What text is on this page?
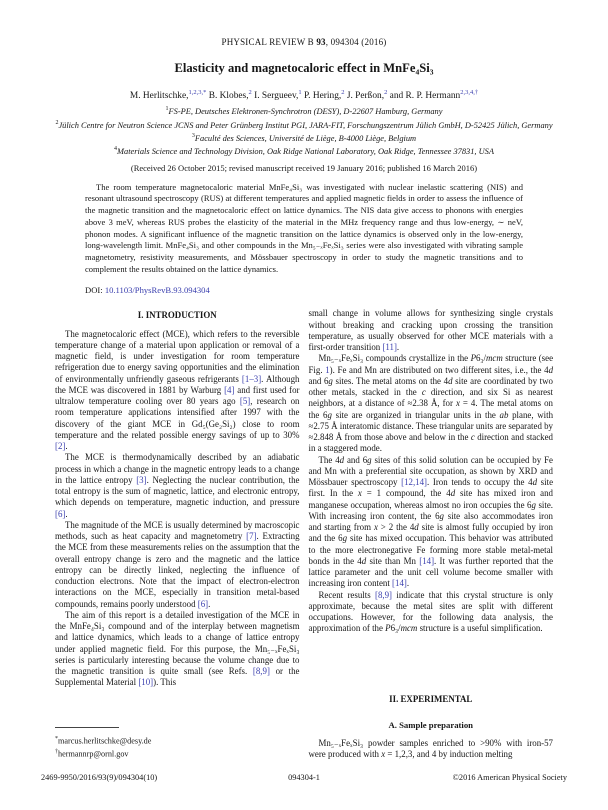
PHYSICAL REVIEW B 93, 094304 (2016)
Elasticity and magnetocaloric effect in MnFe₄Si₃
M. Herlitschke,$^{1,2,3,*}$ B. Klobes,$^2$ I. Sergueev,$^1$ P. Hering,$^2$ J. Perßon,$^2$ and R. P. Hermann$^{2,3,4,\dagger}$
$^1$FS-PE, Deutsches Elektronen-Synchrotron (DESY), D-22607 Hamburg, Germany
$^2$Jülich Centre for Neutron Science JCNS and Peter Grünberg Institut PGI, JARA-FIT, Forschungszentrum Jülich GmbH, D-52425 Jülich, Germany
$^3$Faculté des Sciences, Université de Liège, B-4000 Liège, Belgium
$^4$Materials Science and Technology Division, Oak Ridge National Laboratory, Oak Ridge, Tennessee 37831, USA
(Received 26 October 2015; revised manuscript received 19 January 2016; published 16 March 2016)
The room temperature magnetocaloric material MnFe₄Si₃ was investigated with nuclear inelastic scattering (NIS) and resonant ultrasound spectroscopy (RUS) at different temperatures and applied magnetic fields in order to assess the influence of the magnetic transition and the magnetocaloric effect on lattice dynamics. The NIS data give access to phonons with energies above 3 meV, whereas RUS probes the elasticity of the material in the MHz frequency range and thus low-energy, ∼ neV, phonon modes. A significant influence of the magnetic transition on the lattice dynamics is observed only in the low-energy, long-wavelength limit. MnFe₄Si₃ and other compounds in the Mn₅₋ₓFeₓSi₃ series were also investigated with vibrating sample magnetometry, resistivity measurements, and Mössbauer spectroscopy in order to study the magnetic transitions and to complement the results obtained on the lattice dynamics.
DOI: 10.1103/PhysRevB.93.094304
I. INTRODUCTION

The magnetocaloric effect (MCE), which refers to the reversible temperature change of a material upon application or removal of a magnetic field, is under investigation for room temperature refrigeration due to energy saving opportunities and the elimination of environmentally unfriendly gaseous refrigerants [1–3]. Although the MCE was discovered in 1881 by Warburg [4] and first used for ultralow temperature cooling over 80 years ago [5], research on room temperature applications intensified after 1997 with the discovery of the giant MCE in Gd₅(Ge₂Si₂) close to room temperature and the related possible energy savings of up to 30% [2].

The MCE is thermodynamically described by an adiabatic process in which a change in the magnetic entropy leads to a change in the lattice entropy [3]. Neglecting the nuclear contribution, the total entropy is the sum of magnetic, lattice, and electronic entropy, which depends on temperature, magnetic induction, and pressure [6].

The magnitude of the MCE is usually determined by macroscopic methods, such as heat capacity and magnetometry [7]. Extracting the MCE from these measurements relies on the assumption that the overall entropy change is zero and the magnetic and the lattice entropy can be directly linked, neglecting the influence of conduction electrons. Note that the impact of electron-electron interactions on the MCE, especially in transition metal-based compounds, remains poorly understood [6].

The aim of this report is a detailed investigation of the MCE in the MnFe₄Si₃ compound and of the interplay between magnetism and lattice dynamics, which leads to a change of lattice entropy under applied magnetic field. For this purpose, the Mn₅₋ₓFeₓSi₃ series is particularly interesting because the volume change due to the magnetic transition is quite small (see Refs. [8,9] or the Supplemental Material [10]). This

*marcus.herlitschke@desy.de
†hermannrp@ornl.gov

small change in volume allows for synthesizing single crystals without breaking and cracking upon crossing the transition temperature, as usually observed for other MCE materials with a first-order transition [11].

Mn₅₋ₓFeₓSi₃ compounds crystallize in the P6₃/mcm structure (see Fig. 1). Fe and Mn are distributed on two different sites, i.e., the 4d and 6g sites. The metal atoms on the 4d site are coordinated by two other metals, stacked in the c direction, and six Si as nearest neighbors, at a distance of ≈2.38 Å, for x = 4. The metal atoms on the 6g site are organized in triangular units in the ab plane, with ≈2.75 Å interatomic distance. These triangular units are separated by ≈2.848 Å from those above and below in the c direction and stacked in a staggered mode.

The 4d and 6g sites of this solid solution can be occupied by Fe and Mn with a preferential site occupation, as shown by XRD and Mössbauer spectroscopy [12,14]. Iron tends to occupy the 4d site first. In the x = 1 compound, the 4d site has mixed iron and manganese occupation, whereas almost no iron occupies the 6g site. With increasing iron content, the 6g site also accommodates iron and starting from x > 2 the 4d site is almost fully occupied by iron and the 6g site has mixed occupation. This behavior was attributed to the more electronegative Fe forming more stable metal-metal bonds in the 4d site than Mn [14]. It was further reported that the lattice parameter and the unit cell volume become smaller with increasing iron content [14].

Recent results [8,9] indicate that this crystal structure is only approximate, because the metal sites are split with different occupations. However, for the following data analysis, the approximation of the P6₃/mcm structure is a useful simplification.

II. EXPERIMENTAL
A. Sample preparation

Mn₅₋ₓFeₓSi₃ powder samples enriched to >90% with iron-57 were produced with x = 1,2,3, and 4 by induction melting

2469-9950/2016/93(9)/094304(10)	094304-1	©2016 American Physical Society
